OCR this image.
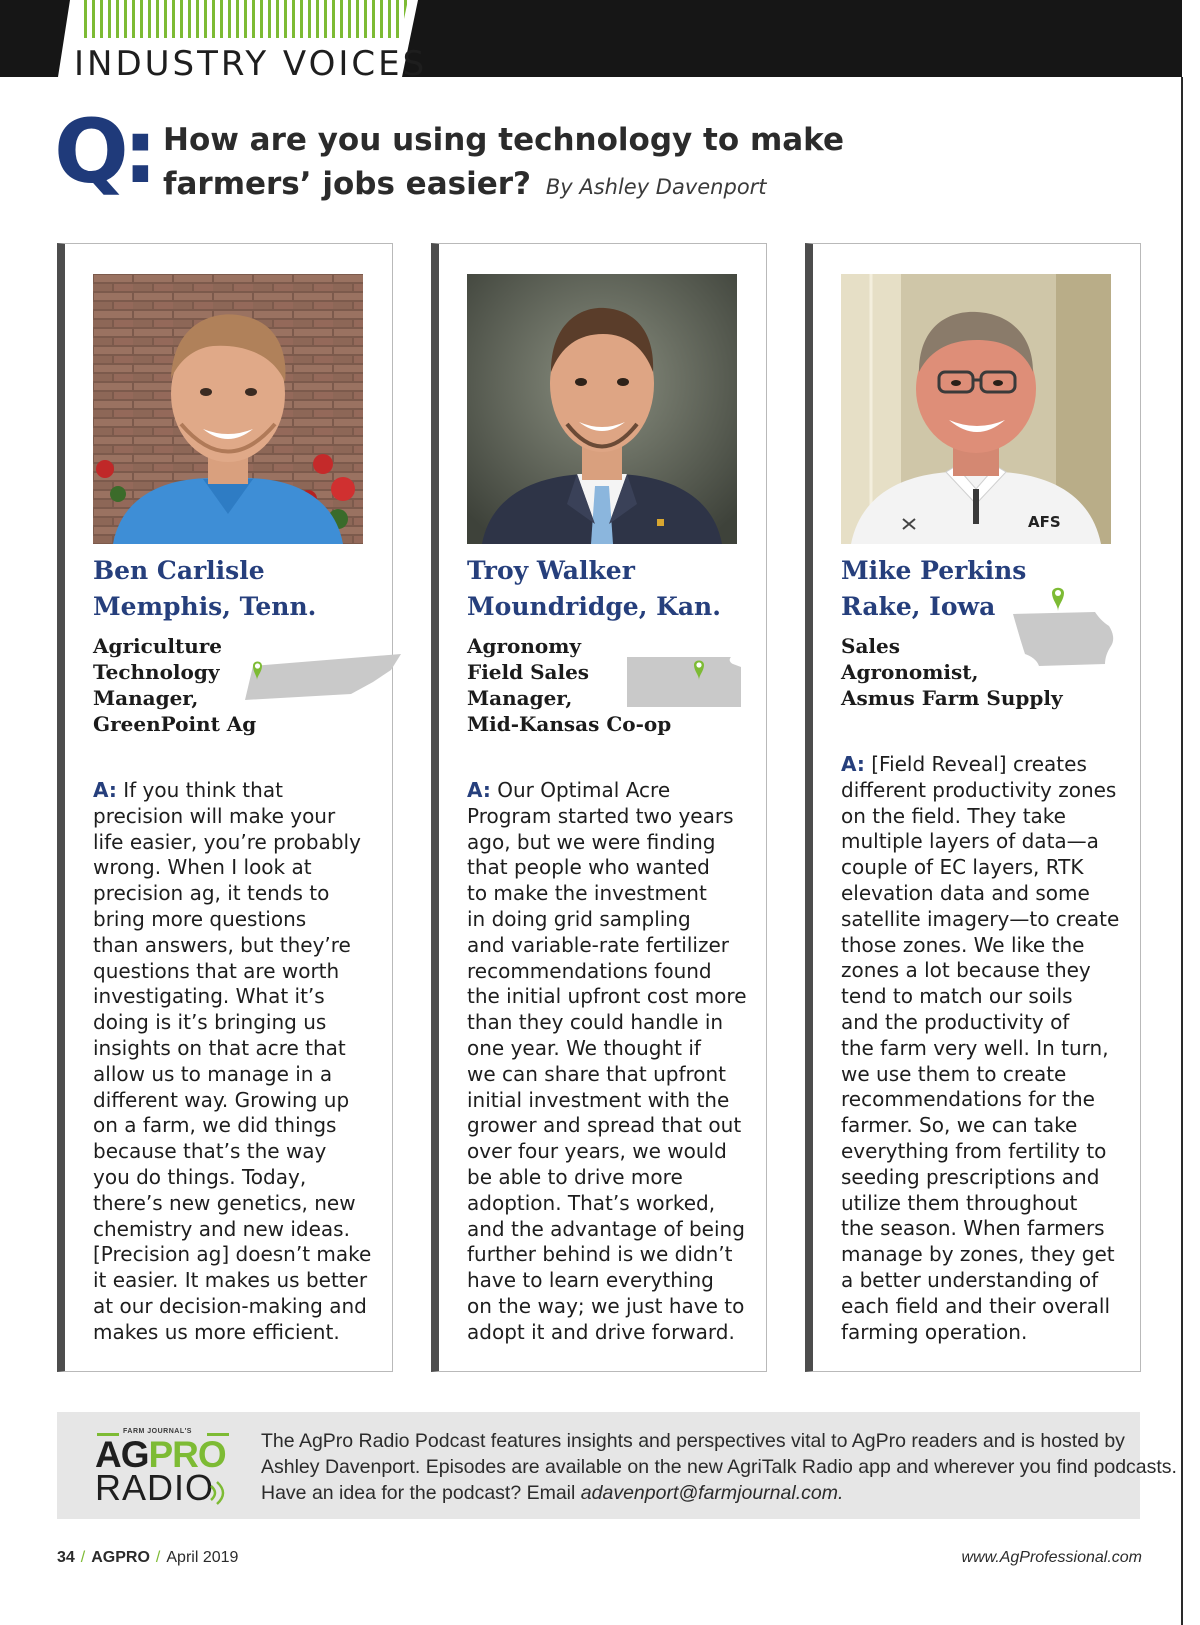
INDUSTRY VOICES
Q: How are you using technology to make
farmers’ jobs easier? By Ashley Davenport
Ben Carlisle
Memphis, Tenn.
Agriculture
Technology
Manager,
GreenPoint Ag
A: If you think that
precision will make your
life easier, you’re probably
wrong. When I look at
precision ag, it tends to
bring more questions
than answers, but they’re
questions that are worth
investigating. What it’s
doing is it’s bringing us
insights on that acre that
allow us to manage in a
different way. Growing up
on a farm, we did things
because that’s the way
you do things. Today,
there’s new genetics, new
chemistry and new ideas.
[Precision ag] doesn’t make
it easier. It makes us better
at our decision-making and
makes us more efficient.
Troy Walker
Moundridge, Kan.
Agronomy
Field Sales
Manager,
Mid-Kansas Co-op
A: Our Optimal Acre
Program started two years
ago, but we were finding
that people who wanted
to make the investment
in doing grid sampling
and variable-rate fertilizer
recommendations found
the initial upfront cost more
than they could handle in
one year. We thought if
we can share that upfront
initial investment with the
grower and spread that out
over four years, we would
be able to drive more
adoption. That’s worked,
and the advantage of being
further behind is we didn’t
have to learn everything
on the way; we just have to
adopt it and drive forward.
AFS
Mike Perkins
Rake, Iowa
Sales
Agronomist,
Asmus Farm Supply
A: [Field Reveal] creates
different productivity zones
on the field. They take
multiple layers of data—a
couple of EC layers, RTK
elevation data and some
satellite imagery—to create
those zones. We like the
zones a lot because they
tend to match our soils
and the productivity of
the farm very well. In turn,
we use them to create
recommendations for the
farmer. So, we can take
everything from fertility to
seeding prescriptions and
utilize them throughout
the season. When farmers
manage by zones, they get
a better understanding of
each field and their overall
farming operation.
FARM JOURNAL'S
AGPRO
RADIO
The AgPro Radio Podcast features insights and perspectives vital to AgPro readers and is hosted by
Ashley Davenport. Episodes are available on the new AgriTalk Radio app and wherever you find podcasts.
Have an idea for the podcast? Email adavenport@farmjournal.com.
34 / AGPRO / April 2019	www.AgProfessional.com
